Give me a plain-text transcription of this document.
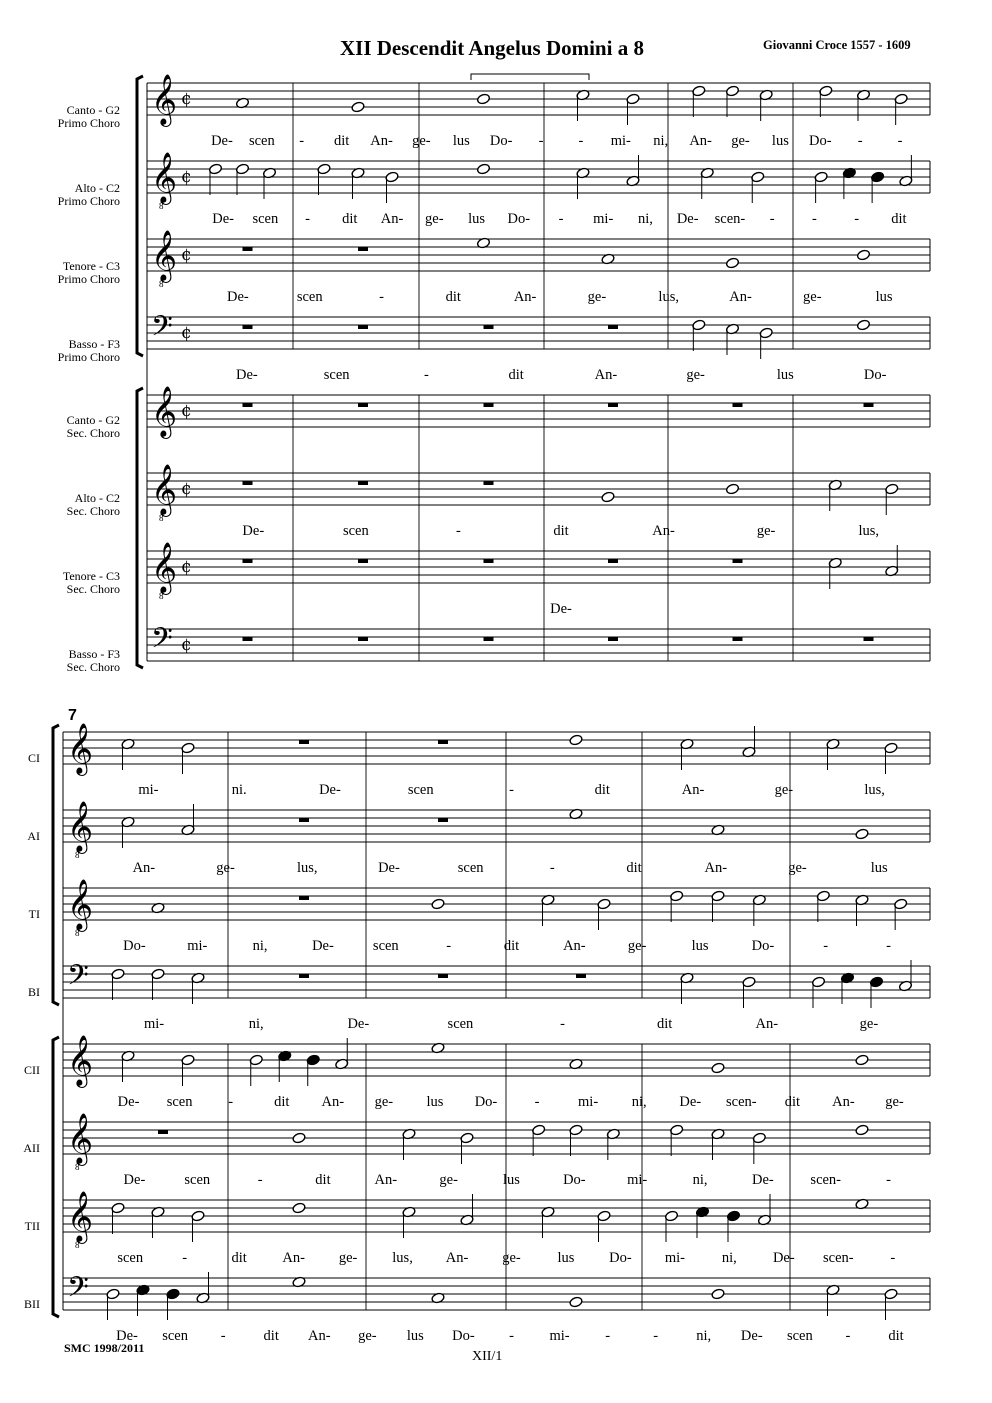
XII Descendit Angelus Domini a 8	Giovanni Croce 1557 - 1609
7
SMC 1998/2011
XII/1
Canto - G2
Primo Choro
Alto - C2
Primo Choro
Tenore - C3
Primo Choro
Basso - F3
Primo Choro
Canto - G2
Sec. Choro
Alto - C2
Sec. Choro
Tenore - C3
Sec. Choro
Basso - F3
Sec. Choro
CI
AI
TI
BI
CII
AII
TII
BII
𝄞 ¢
De- scen - dit An- ge- lus Do- - - mi- ni, An- ge- lus Do- - -
𝄞
8
¢
De- scen - dit An- ge- lus Do- - mi- ni, De- scen- -	-	- dit
𝄞
8
¢
De-	scen	-	dit	An-	ge-	lus,	An-	ge-	lus
𝄢 ¢
De-	scen	-	dit	An-	ge-	lus	Do-
𝄞 ¢
𝄞
8
¢
De-	scen	-	dit	An-	ge-	lus,
𝄞
8
¢
De-
𝄢 ¢
𝄞
mi-	ni.	De-	scen	-	dit	An-	ge-	lus,
𝄞
8
An-	ge-	lus,	De-	scen	-	dit	An-	ge-	lus
𝄞
8
Do-	mi-	ni,	De-	scen	-	dit	An-	ge-	lus	Do-	-	-
𝄢
mi-	ni,	De-	scen	-	dit	An-	ge-
𝄞
De- scen -	dit An- ge- lus Do-	-	mi- ni, De- scen- dit An- ge-
𝄞
8
De-	scen	-	dit	An-	ge-	lus	Do-	mi-	ni,	De-	scen-	-
𝄞
8
scen	-	dit An- ge- lus, An- ge-	lus Do- mi-	ni, De- scen-	-
𝄢
De- scen -	dit An- ge- lus Do- - mi- -	-	ni, De- scen -	dit
